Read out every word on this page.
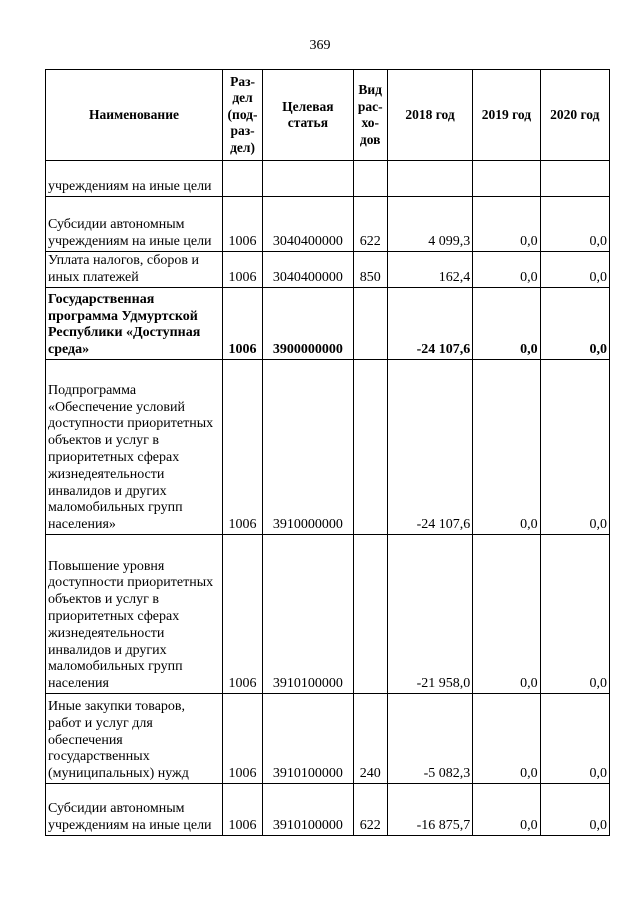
369
Наименование	Раз-дел (под-раз-дел)	Целевая статья	Вид рас-хо-дов	2018 год	2019 год	2020 год
учреждениям на иные цели						
Субсидии автономным учреждениям на иные цели	1006	3040400000	622	4 099,3	0,0	0,0
Уплата налогов, сборов и иных платежей	1006	3040400000	850	162,4	0,0	0,0
Государственная программа Удмуртской Республики «Доступная среда»	1006	3900000000		-24 107,6	0,0	0,0
Подпрограмма «Обеспечение условий доступности приоритетных объектов и услуг в приоритетных сферах жизнедеятельности инвалидов и других маломобильных групп населения»	1006	3910000000		-24 107,6	0,0	0,0
Повышение уровня доступности приоритетных объектов и услуг в приоритетных сферах жизнедеятельности инвалидов и других маломобильных групп населения	1006	3910100000		-21 958,0	0,0	0,0
Иные закупки товаров, работ и услуг для обеспечения государственных (муниципальных) нужд	1006	3910100000	240	-5 082,3	0,0	0,0
Субсидии автономным учреждениям на иные цели	1006	3910100000	622	-16 875,7	0,0	0,0
